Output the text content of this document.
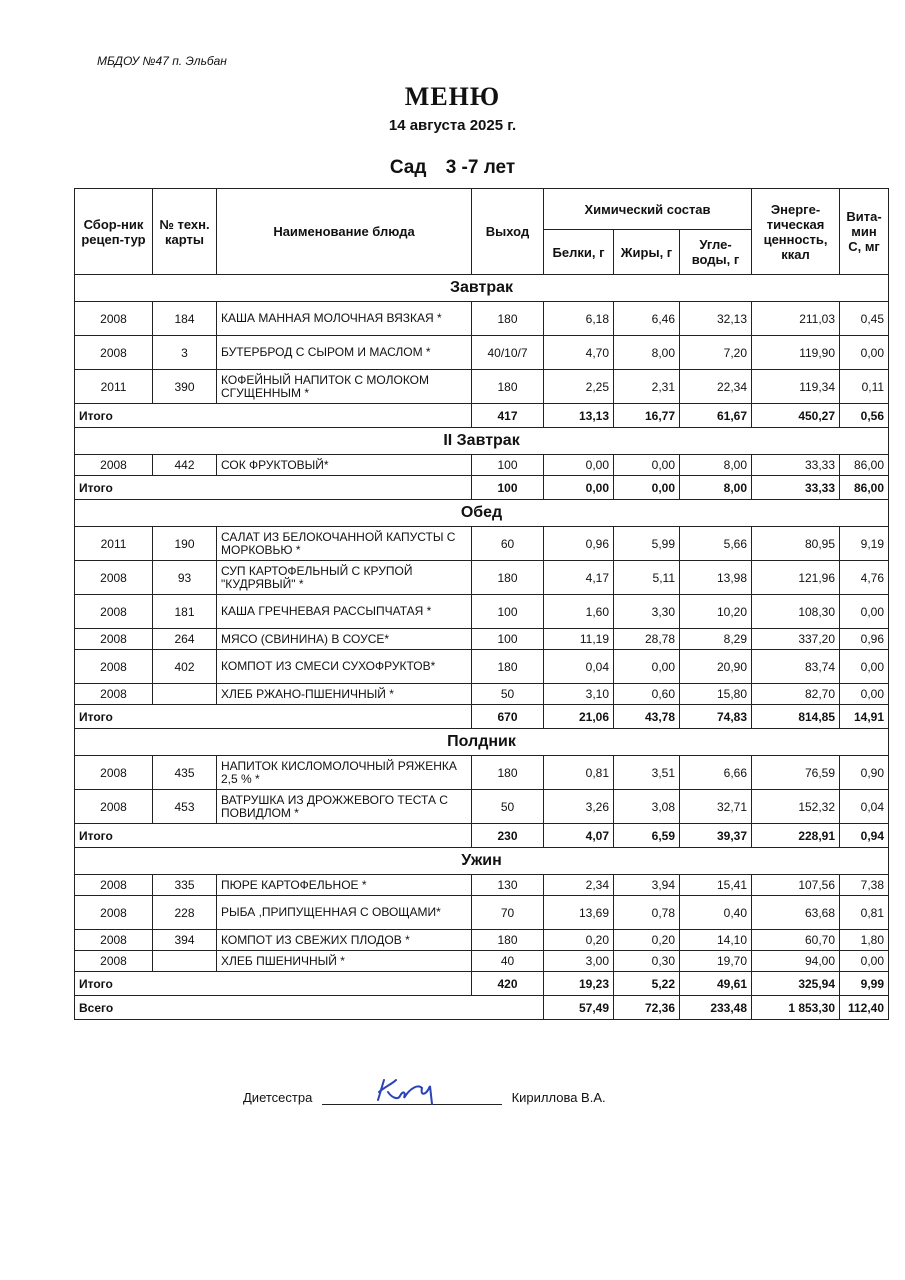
МБДОУ №47 п. Эльбан
МЕНЮ
14 августа 2025 г.
Сад 3 -7 лет
Сбор-ник рецеп-тур	№ техн. карты	Наименование блюда	Выход	Химический состав			Энерге-тическая ценность, ккал	Вита-мин С, мг
				Белки, г	Жиры, г	Угле-воды, г		
Завтрак								
2008	184	КАША МАННАЯ МОЛОЧНАЯ ВЯЗКАЯ *	180	6,18	6,46	32,13	211,03	0,45
2008	3	БУТЕРБРОД С СЫРОМ И МАСЛОМ *	40/10/7	4,70	8,00	7,20	119,90	0,00
2011	390	КОФЕЙНЫЙ НАПИТОК С МОЛОКОМ СГУЩЕННЫМ *	180	2,25	2,31	22,34	119,34	0,11
Итого			417	13,13	16,77	61,67	450,27	0,56
II Завтрак								
2008	442	СОК ФРУКТОВЫЙ*	100	0,00	0,00	8,00	33,33	86,00
Итого			100	0,00	0,00	8,00	33,33	86,00
Обед								
2011	190	САЛАТ ИЗ БЕЛОКОЧАННОЙ КАПУСТЫ С МОРКОВЬЮ *	60	0,96	5,99	5,66	80,95	9,19
2008	93	СУП КАРТОФЕЛЬНЫЙ С КРУПОЙ "КУДРЯВЫЙ" *	180	4,17	5,11	13,98	121,96	4,76
2008	181	КАША ГРЕЧНЕВАЯ РАССЫПЧАТАЯ *	100	1,60	3,30	10,20	108,30	0,00
2008	264	МЯСО (СВИНИНА) В СОУСЕ*	100	11,19	28,78	8,29	337,20	0,96
2008	402	КОМПОТ ИЗ СМЕСИ СУХОФРУКТОВ*	180	0,04	0,00	20,90	83,74	0,00
2008		ХЛЕБ РЖАНО-ПШЕНИЧНЫЙ *	50	3,10	0,60	15,80	82,70	0,00
Итого			670	21,06	43,78	74,83	814,85	14,91
Полдник								
2008	435	НАПИТОК КИСЛОМОЛОЧНЫЙ РЯЖЕНКА 2,5 % *	180	0,81	3,51	6,66	76,59	0,90
2008	453	ВАТРУШКА ИЗ ДРОЖЖЕВОГО ТЕСТА С ПОВИДЛОМ *	50	3,26	3,08	32,71	152,32	0,04
Итого			230	4,07	6,59	39,37	228,91	0,94
Ужин								
2008	335	ПЮРЕ КАРТОФЕЛЬНОЕ *	130	2,34	3,94	15,41	107,56	7,38
2008	228	РЫБА ,ПРИПУЩЕННАЯ С ОВОЩАМИ*	70	13,69	0,78	0,40	63,68	0,81
2008	394	КОМПОТ ИЗ СВЕЖИХ ПЛОДОВ *	180	0,20	0,20	14,10	60,70	1,80
2008		ХЛЕБ ПШЕНИЧНЫЙ *	40	3,00	0,30	19,70	94,00	0,00
Итого			420	19,23	5,22	49,61	325,94	9,99
Всего				57,49	72,36	233,48	1 853,30	112,40
Диетсестра	Кириллова В.А.
